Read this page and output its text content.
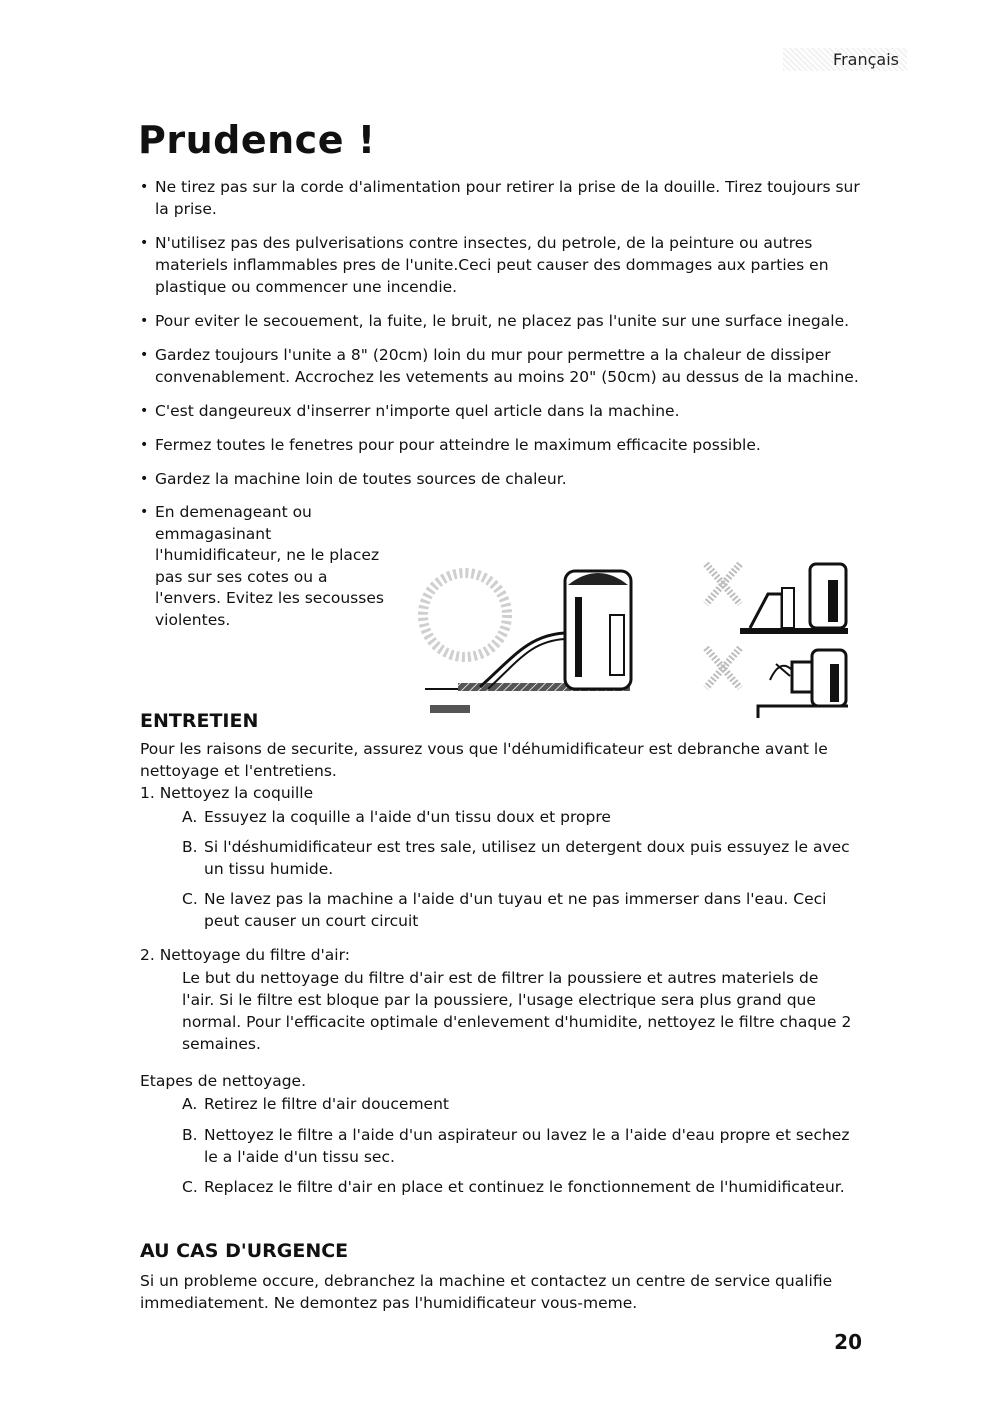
Français
Prudence !
• Ne tirez pas sur la corde d'alimentation pour retirer la prise de la douille. Tirez toujours sur la prise.
• N'utilisez pas des pulverisations contre insectes, du petrole, de la peinture ou autres materiels inflammables pres de l'unite.Ceci peut causer des dommages aux parties en plastique ou commencer une incendie.
• Pour eviter le secouement, la fuite, le bruit, ne placez pas l'unite sur une surface inegale.
• Gardez toujours l'unite a 8" (20cm) loin du mur pour permettre a la chaleur de dissiper convenablement. Accrochez les vetements au moins 20" (50cm) au dessus de la machine.
• C'est dangeureux d'inserrer n'importe quel article dans la machine.
• Fermez toutes le fenetres pour pour atteindre le maximum efficacite possible.
• Gardez la machine loin de toutes sources de chaleur.
• En demenageant ou emmagasinant l'humidificateur, ne le placez pas sur ses cotes ou a l'envers. Evitez les secousses violentes.
ENTRETIEN

Pour les raisons de securite, assurez vous que l'déhumidificateur est debranche avant le nettoyage et l'entretiens.

1. Nettoyez la coquille

A. Essuyez la coquille a l'aide d'un tissu doux et propre
B. Si l'déshumidificateur est tres sale, utilisez un detergent doux puis essuyez le avec un tissu humide.
C. Ne lavez pas la machine a l'aide d'un tuyau et ne pas immerser dans l'eau. Ceci peut causer un court circuit

2. Nettoyage du filtre d'air:

Le but du nettoyage du filtre d'air est de filtrer la poussiere et autres materiels de l'air. Si le filtre est bloque par la poussiere, l'usage electrique sera plus grand que normal. Pour l'efficacite optimale d'enlevement d'humidite, nettoyez le filtre chaque 2 semaines.

Etapes de nettoyage.

A. Retirez le filtre d'air doucement
B. Nettoyez le filtre a l'aide d'un aspirateur ou lavez le a l'aide d'eau propre et sechez le a l'aide d'un tissu sec.
C. Replacez le filtre d'air en place et continuez le fonctionnement de l'humidificateur.
AU CAS D'URGENCE

Si un probleme occure, debranchez la machine et contactez un centre de service qualifie immediatement. Ne demontez pas l'humidificateur vous-meme.

20
